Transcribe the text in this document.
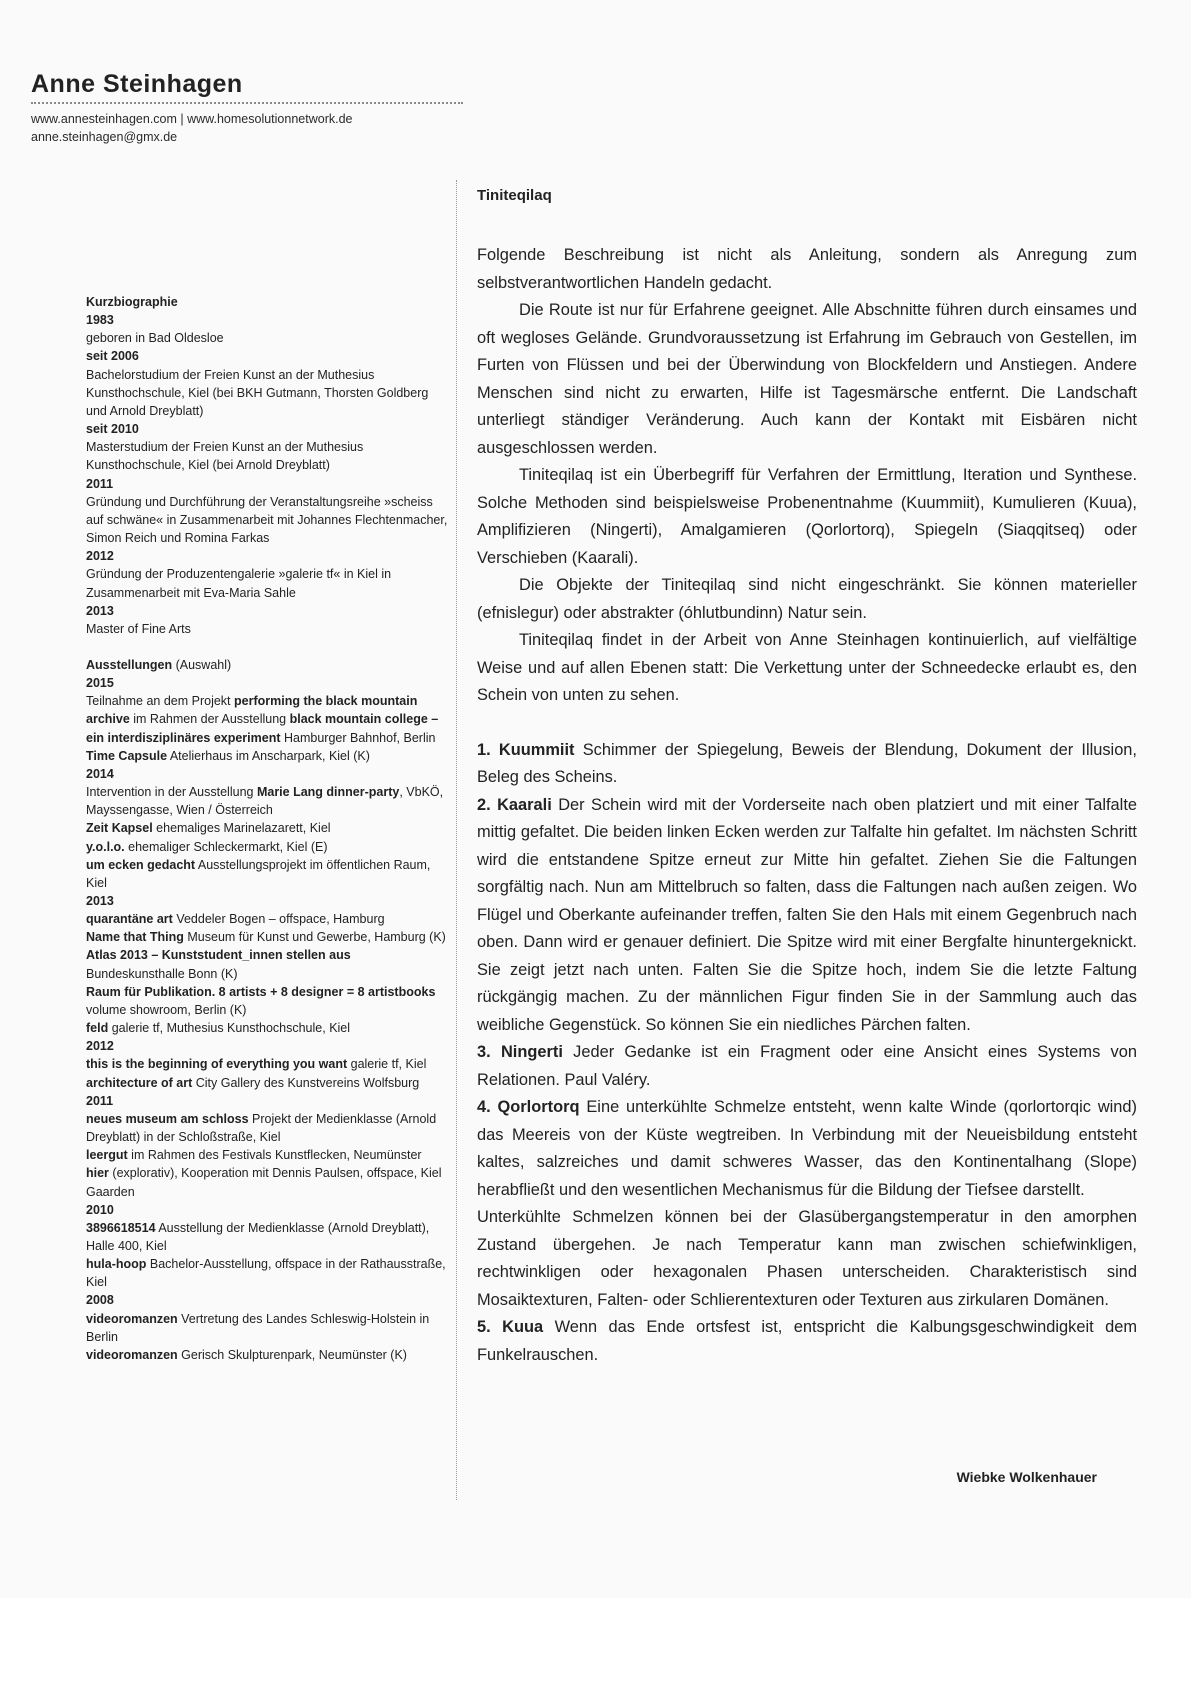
Anne Steinhagen
www.annesteinhagen.com | www.homesolutionnetwork.de
anne.steinhagen@gmx.de
Kurzbiographie
1983
geboren in Bad Oldesloe
seit 2006
Bachelorstudium der Freien Kunst an der Muthesius Kunsthochschule, Kiel (bei BKH Gutmann, Thorsten Goldberg und Arnold Dreyblatt)
seit 2010
Masterstudium der Freien Kunst an der Muthesius Kunsthochschule, Kiel (bei Arnold Dreyblatt)
2011
Gründung und Durchführung der Veranstaltungsreihe »scheiss auf schwäne« in Zusammenarbeit mit Johannes Flechtenmacher, Simon Reich und Romina Farkas
2012
Gründung der Produzentengalerie »galerie tf« in Kiel in Zusammenarbeit mit Eva-Maria Sahle
2013
Master of Fine Arts
Ausstellungen (Auswahl)
2015
Teilnahme an dem Projekt performing the black mountain archive im Rahmen der Ausstellung black mountain college – ein interdisziplinäres experiment Hamburger Bahnhof, Berlin
Time Capsule Atelierhaus im Anscharpark, Kiel (K)
2014
Intervention in der Ausstellung Marie Lang dinner-party, VbKÖ, Mayssengasse, Wien / Österreich
Zeit Kapsel ehemaliges Marinelazarett, Kiel
y.o.l.o. ehemaliger Schleckermarkt, Kiel (E)
um ecken gedacht Ausstellungsprojekt im öffentlichen Raum, Kiel
2013
quarantäne art Veddeler Bogen – offspace, Hamburg
Name that Thing Museum für Kunst und Gewerbe, Hamburg (K)
Atlas 2013 – Kunststudent_innen stellen aus Bundeskunsthalle Bonn (K)
Raum für Publikation. 8 artists + 8 designer = 8 artistbooks volume showroom, Berlin (K)
feld galerie tf, Muthesius Kunsthochschule, Kiel
2012
this is the beginning of everything you want galerie tf, Kiel
architecture of art City Gallery des Kunstvereins Wolfsburg
2011
neues museum am schloss Projekt der Medienklasse (Arnold Dreyblatt) in der Schloßstraße, Kiel
leergut im Rahmen des Festivals Kunstflecken, Neumünster
hier (explorativ), Kooperation mit Dennis Paulsen, offspace, Kiel Gaarden
2010
3896618514 Ausstellung der Medienklasse (Arnold Dreyblatt), Halle 400, Kiel
hula-hoop Bachelor-Ausstellung, offspace in der Rathausstraße, Kiel
2008
videoromanzen Vertretung des Landes Schleswig-Holstein in Berlin
videoromanzen Gerisch Skulpturenpark, Neumünster (K)
Tiniteqilaq

Folgende Beschreibung ist nicht als Anleitung, sondern als Anregung zum selbstverantwortlichen Handeln gedacht.

Die Route ist nur für Erfahrene geeignet. Alle Abschnitte führen durch einsames und oft wegloses Gelände. Grundvoraussetzung ist Erfahrung im Gebrauch von Gestellen, im Furten von Flüssen und bei der Überwindung von Blockfeldern und Anstiegen. Andere Menschen sind nicht zu erwarten, Hilfe ist Tagesmärsche entfernt. Die Landschaft unterliegt ständiger Veränderung. Auch kann der Kontakt mit Eisbären nicht ausgeschlossen werden.

Tiniteqilaq ist ein Überbegriff für Verfahren der Ermittlung, Iteration und Synthese. Solche Methoden sind beispielsweise Probenentnahme (Kuummiit), Kumulieren (Kuua), Amplifizieren (Ningerti), Amalgamieren (Qorlortorq), Spiegeln (Siaqqitseq) oder Verschieben (Kaarali).

Die Objekte der Tiniteqilaq sind nicht eingeschränkt. Sie können materieller (efnislegur) oder abstrakter (óhlutbundinn) Natur sein.

Tiniteqilaq findet in der Arbeit von Anne Steinhagen kontinuierlich, auf vielfältige Weise und auf allen Ebenen statt: Die Verkettung unter der Schneedecke erlaubt es, den Schein von unten zu sehen.

1. Kuummiit Schimmer der Spiegelung, Beweis der Blendung, Dokument der Illusion, Beleg des Scheins.

2. Kaarali Der Schein wird mit der Vorderseite nach oben platziert und mit einer Talfalte mittig gefaltet. Die beiden linken Ecken werden zur Talfalte hin gefaltet. Im nächsten Schritt wird die entstandene Spitze erneut zur Mitte hin gefaltet. Ziehen Sie die Faltungen sorgfältig nach. Nun am Mittelbruch so falten, dass die Faltungen nach außen zeigen. Wo Flügel und Oberkante aufeinander treffen, falten Sie den Hals mit einem Gegenbruch nach oben. Dann wird er genauer definiert. Die Spitze wird mit einer Bergfalte hinuntergeknickt. Sie zeigt jetzt nach unten. Falten Sie die Spitze hoch, indem Sie die letzte Faltung rückgängig machen. Zu der männlichen Figur finden Sie in der Sammlung auch das weibliche Gegenstück. So können Sie ein niedliches Pärchen falten.

3. Ningerti Jeder Gedanke ist ein Fragment oder eine Ansicht eines Systems von Relationen. Paul Valéry.

4. Qorlortorq Eine unterkühlte Schmelze entsteht, wenn kalte Winde (qorlortorqic wind) das Meereis von der Küste wegtreiben. In Verbindung mit der Neueisbildung entsteht kaltes, salzreiches und damit schweres Wasser, das den Kontinentalhang (Slope) herabfließt und den wesentlichen Mechanismus für die Bildung der Tiefsee darstellt.

Unterkühlte Schmelzen können bei der Glasübergangstemperatur in den amorphen Zustand übergehen. Je nach Temperatur kann man zwischen schiefwinkligen, rechtwinkligen oder hexagonalen Phasen unterscheiden. Charakteristisch sind Mosaiktexturen, Falten- oder Schlierentexturen oder Texturen aus zirkularen Domänen.

5. Kuua Wenn das Ende ortsfest ist, entspricht die Kalbungsgeschwindigkeit dem Funkelrauschen.

Wiebke Wolkenhauer
